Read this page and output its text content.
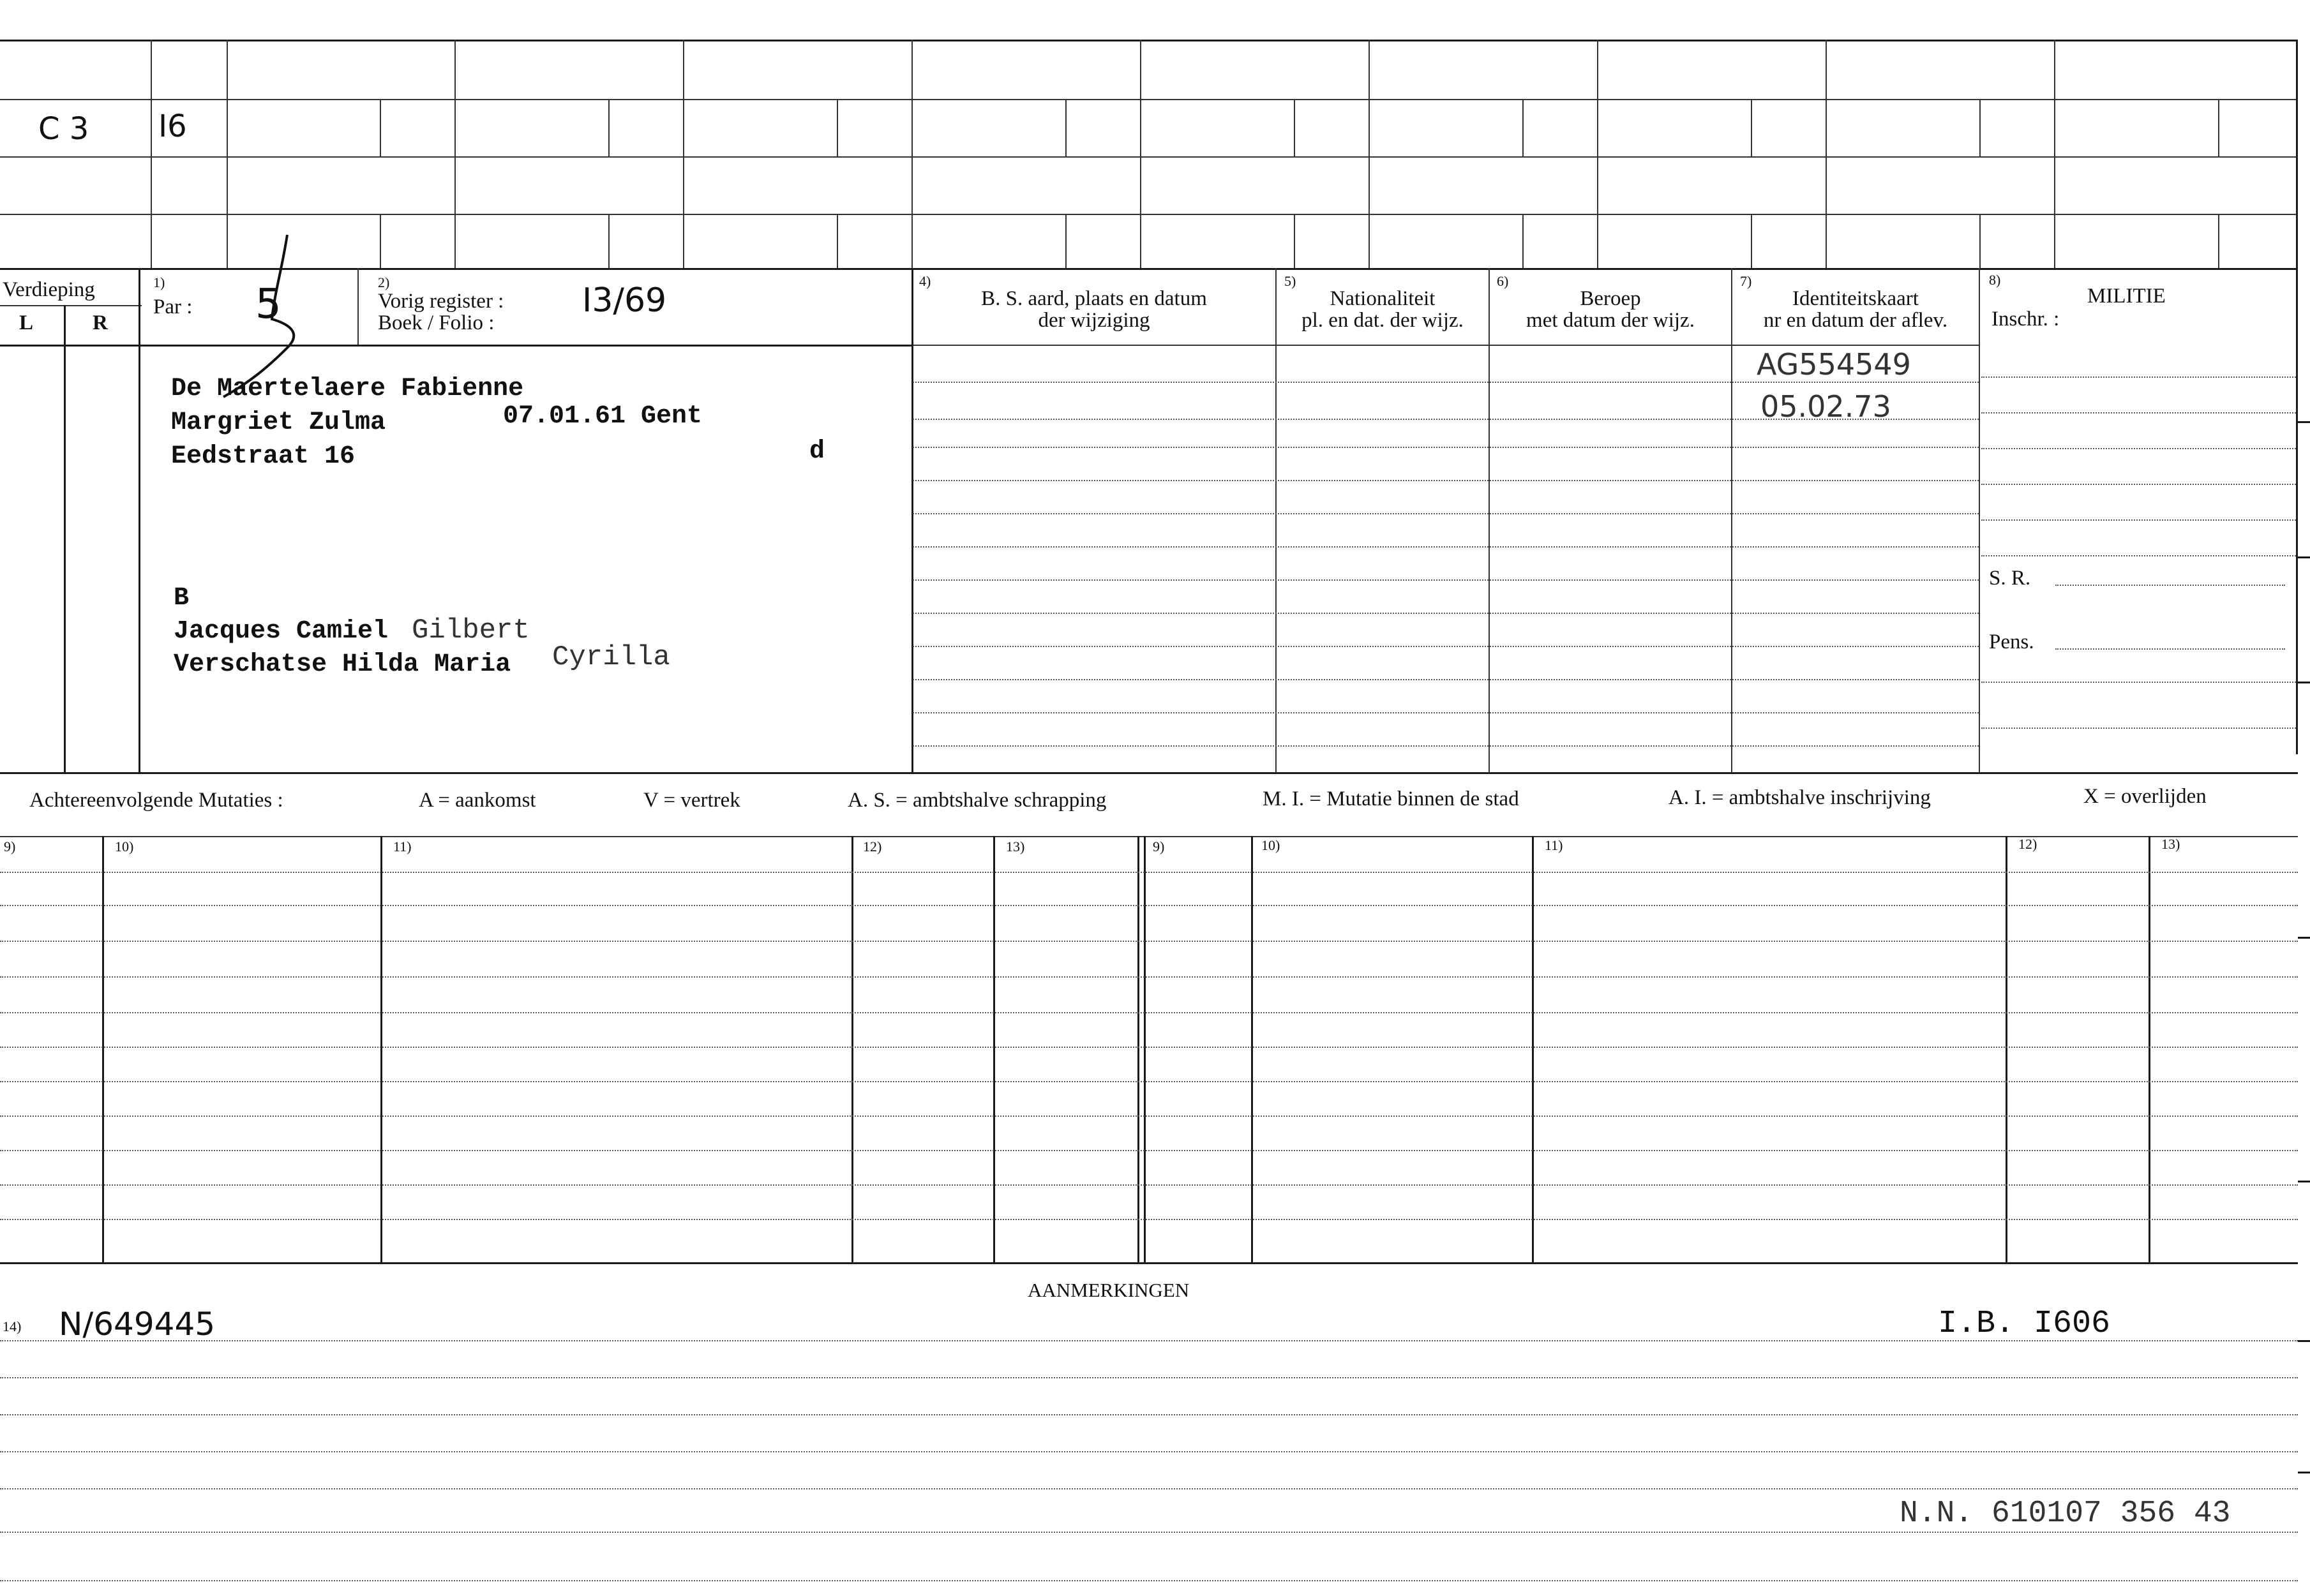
C 3 I6
Verdieping
L	R
1)
Par : 5	2)
Vorig register :
Boek / Folio :
I3/69
4)
B. S. aard, plaats en datum
der wijziging
5)
Nationaliteit
pl. en dat. der wijz.
6)
Beroep
met datum der wijz.
7)
Identiteitskaart
nr en datum der aflev.
8)
MILITIE
Inschr. :
De Maertelaere Fabienne
Margriet Zulma	07.01.61 Gent
Eedstraat 16	d
B
Jacques Camiel Gilbert
Verschatse Hilda Maria Cyrilla
AG554549
05.02.73
S. R.
Pens.
Achtereenvolgende Mutaties :	A = aankomst	V = vertrek	A. S. = ambtshalve schrapping	M. I. = Mutatie binnen de stad	A. I. = ambtshalve inschrijving	X = overlijden
9)	10)	11)	12)	13)	9)	10)	11)	12)	13)
AANMERKINGEN
14) N/649445	I.B. I606
N.N. 610107 356 43
